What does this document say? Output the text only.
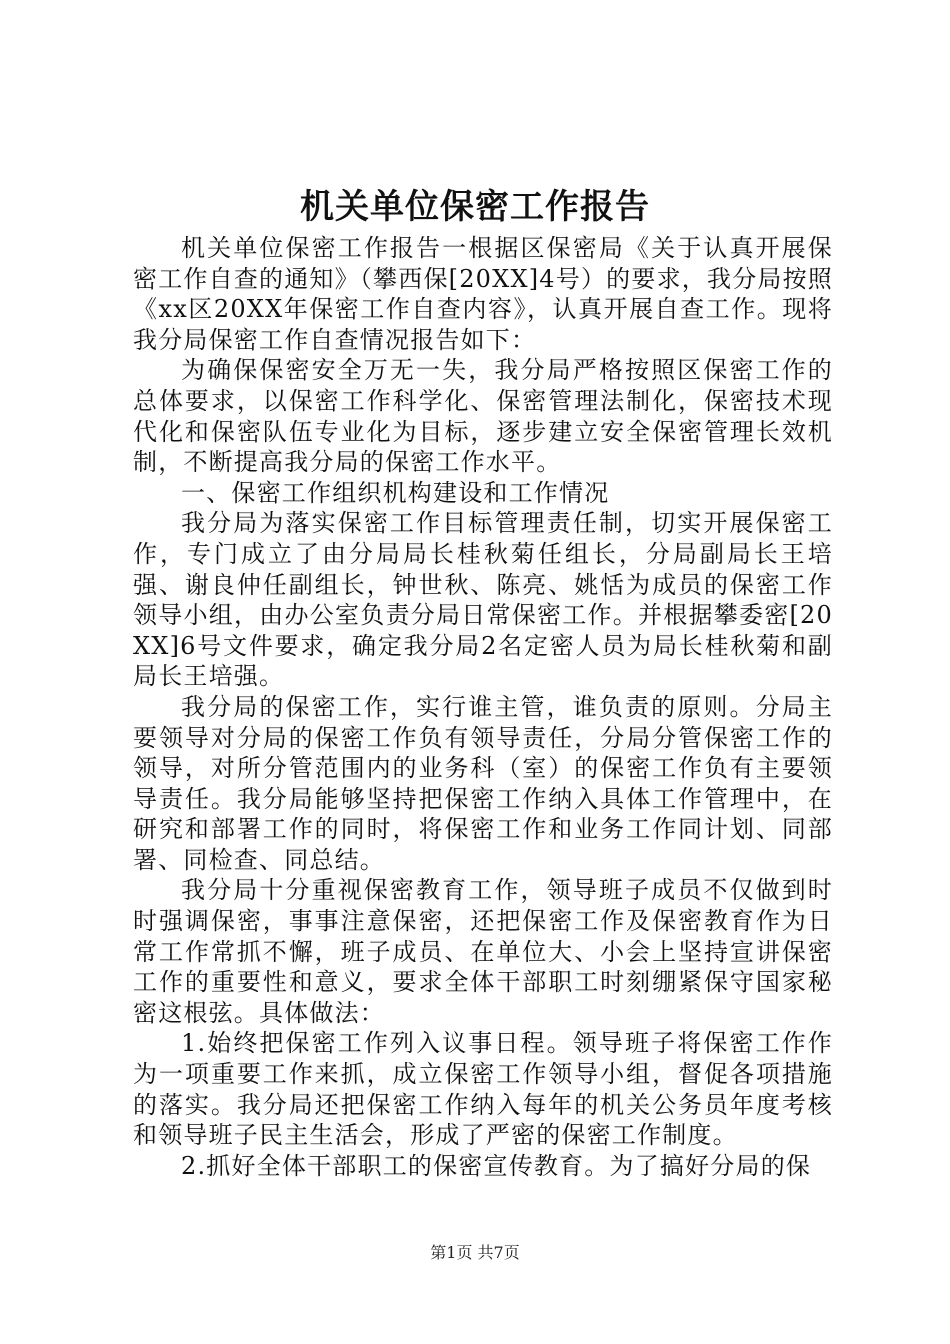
机关单位保密工作报告

机关单位保密工作报告一根据区保密局《关于认真开展保密工作自查的通知》（攀西保[20XX]4号）的要求，我分局按照《xx区20XX年保密工作自查内容》，认真开展自查工作。现将我分局保密工作自查情况报告如下：

为确保保密安全万无一失，我分局严格按照区保密工作的总体要求，以保密工作科学化、保密管理法制化，保密技术现代化和保密队伍专业化为目标，逐步建立安全保密管理长效机制，不断提高我分局的保密工作水平。

一、保密工作组织机构建设和工作情况

我分局为落实保密工作目标管理责任制，切实开展保密工作，专门成立了由分局局长桂秋菊任组长，分局副局长王培强、谢良仲任副组长，钟世秋、陈亮、姚恬为成员的保密工作领导小组，由办公室负责分局日常保密工作。并根据攀委密[20XX]6号文件要求，确定我分局2名定密人员为局长桂秋菊和副局长王培强。

我分局的保密工作，实行谁主管，谁负责的原则。分局主要领导对分局的保密工作负有领导责任，分局分管保密工作的领导，对所分管范围内的业务科（室）的保密工作负有主要领导责任。我分局能够坚持把保密工作纳入具体工作管理中，在研究和部署工作的同时，将保密工作和业务工作同计划、同部署、同检查、同总结。

我分局十分重视保密教育工作，领导班子成员不仅做到时时强调保密，事事注意保密，还把保密工作及保密教育作为日常工作常抓不懈，班子成员、在单位大、小会上坚持宣讲保密工作的重要性和意义，要求全体干部职工时刻绷紧保守国家秘密这根弦。具体做法：

1.始终把保密工作列入议事日程。领导班子将保密工作作为一项重要工作来抓，成立保密工作领导小组，督促各项措施的落实。我分局还把保密工作纳入每年的机关公务员年度考核和领导班子民主生活会，形成了严密的保密工作制度。

2.抓好全体干部职工的保密宣传教育。为了搞好分局的保

第1页 共7页
